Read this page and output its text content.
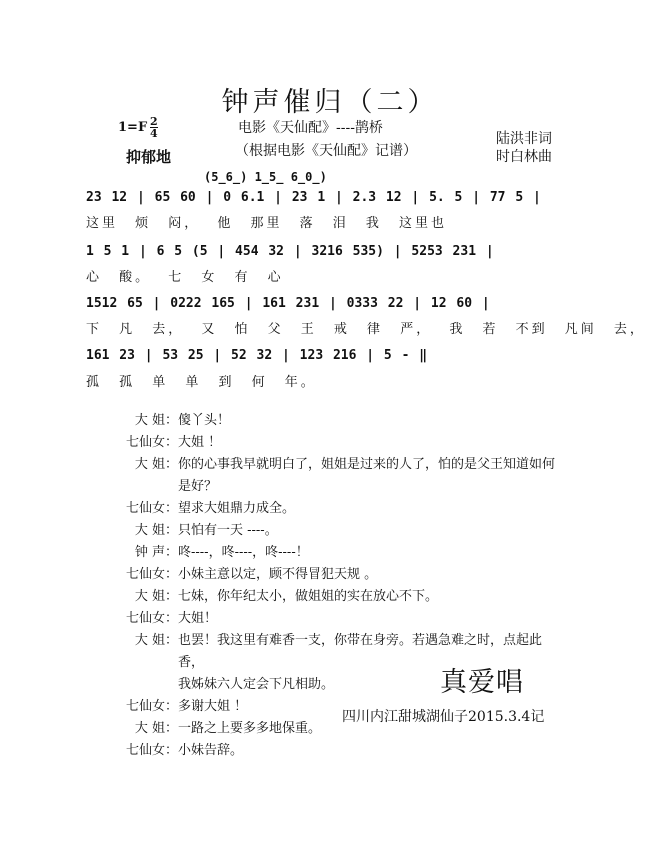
钟声催归（二）
1=F 2
4
抑郁地
电影《天仙配》----鹊桥
（根据电影《天仙配》记谱）
陆洪非词
时白林曲
(5̲6̲) 1̲5̲ 6̲0̲)
23 12 | 65 60 | 0 6.1 | 23 1 | 2.3 12 | 5. 5 | 77 5 |
这里 烦 闷， 他 那里 落 泪 我 这里也
1 5 1 | 6 5 (5 | 454 32 | 3216 535) | 5253 231 |
心 酸。 七 女 有 心
1512 65 | 0222 165 | 161 231 | 0333 22 | 12 60 |
下 凡 去， 又 怕 父 王 戒 律 严， 我 若 不到 凡间 去，
161 23 | 53 25 | 52 32 | 123 216 | 5 - ‖
孤 孤 单 单 到 何 年。
大 姐： 傻丫头！
七仙女： 大姐 ！
大 姐： 你的心事我早就明白了，姐姐是过来的人了，怕的是父王知道如何
是好？
七仙女： 望求大姐鼎力成全。
大 姐： 只怕有一天 ----。
钟 声： 咚----，咚----，咚----！
七仙女： 小妹主意以定，顾不得冒犯天规 。
大 姐： 七妹，你年纪太小，做姐姐的实在放心不下。
七仙女： 大姐！
大 姐： 也罢！我这里有难香一支，你带在身旁。若遇急难之时，点起此香，
我姊妹六人定会下凡相助。
七仙女： 多谢大姐 ！
大 姐： 一路之上要多多地保重。
七仙女： 小妹告辞。
真爱唱
四川内江甜城湖仙子2015.3.4记
